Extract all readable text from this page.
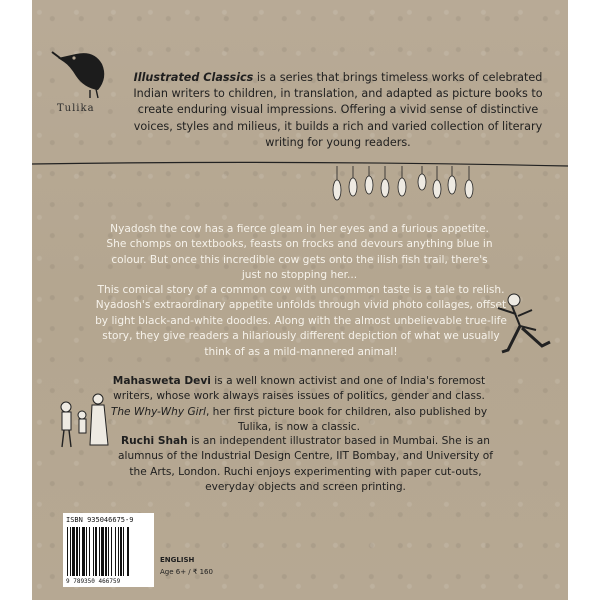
Tulika
Illustrated Classics is a series that brings timeless works of celebrated Indian writers to children, in translation, and adapted as picture books to create enduring visual impressions. Offering a vivid sense of distinctive voices, styles and milieus, it builds a rich and varied collection of literary writing for young readers.
Nyadosh the cow has a fierce gleam in her eyes and a furious appetite. She chomps on textbooks, feasts on frocks and devours anything blue in colour. But once this incredible cow gets onto the ilish fish trail, there's just no stopping her...
This comical story of a common cow with uncommon taste is a tale to relish. Nyadosh's extraordinary appetite unfolds through vivid photo collages, offset by light black-and-white doodles. Along with the almost unbelievable true-life story, they give readers a hilariously different depiction of what we usually think of as a mild-mannered animal!
Mahasweta Devi is a well known activist and one of India's foremost writers, whose work always raises issues of politics, gender and class. The Why-Why Girl, her first picture book for children, also published by Tulika, is now a classic.
Ruchi Shah is an independent illustrator based in Mumbai. She is an alumnus of the Industrial Design Centre, IIT Bombay, and University of the Arts, London. Ruchi enjoys experimenting with paper cut-outs, everyday objects and screen printing.
ISBN 935046675-9
9 789350 466759
ENGLISH
Age 6+ / ₹ 160
